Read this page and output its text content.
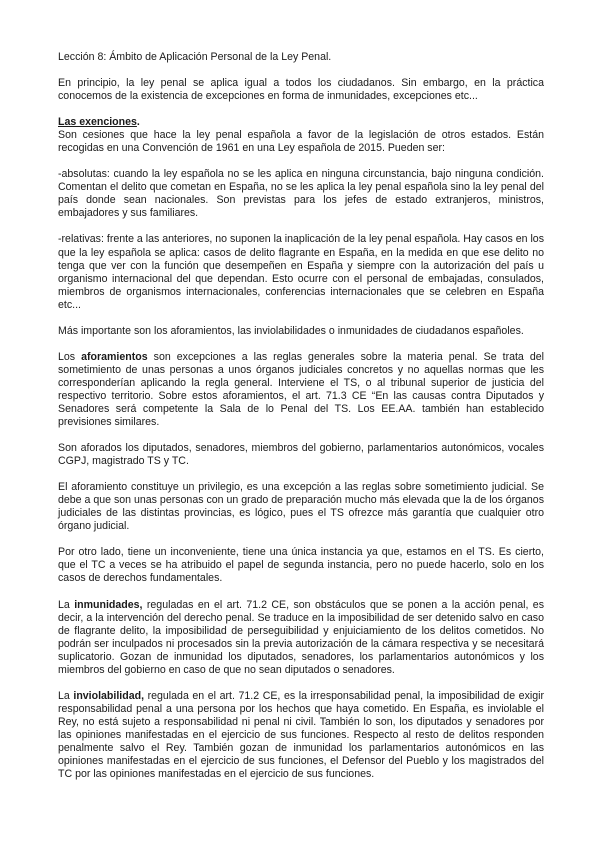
Lección 8: Ámbito de Aplicación Personal de la Ley Penal.

En principio, la ley penal se aplica igual a todos los ciudadanos. Sin embargo, en la práctica conocemos de la existencia de excepciones en forma de inmunidades, excepciones etc...

Las exenciones.
Son cesiones que hace la ley penal española a favor de la legislación de otros estados. Están recogidas en una Convención de 1961 en una Ley española de 2015. Pueden ser:

-absolutas: cuando la ley española no se les aplica en ninguna circunstancia, bajo ninguna condición. Comentan el delito que cometan en España, no se les aplica la ley penal española sino la ley penal del país donde sean nacionales. Son previstas para los jefes de estado extranjeros, ministros, embajadores y sus familiares.

-relativas: frente a las anteriores, no suponen la inaplicación de la ley penal española. Hay casos en los que la ley española se aplica: casos de delito flagrante en España, en la medida en que ese delito no tenga que ver con la función que desempeñen en España y siempre con la autorización del país u organismo internacional del que dependan. Esto ocurre con el personal de embajadas, consulados, miembros de organismos internacionales, conferencias internacionales que se celebren en España etc...

Más importante son los aforamientos, las inviolabilidades o inmunidades de ciudadanos españoles.

Los aforamientos son excepciones a las reglas generales sobre la materia penal. Se trata del sometimiento de unas personas a unos órganos judiciales concretos y no aquellas normas que les corresponderían aplicando la regla general. Interviene el TS, o al tribunal superior de justicia del respectivo territorio. Sobre estos aforamientos, el art. 71.3 CE “En las causas contra Diputados y Senadores será competente la Sala de lo Penal del TS. Los EE.AA. también han establecido previsiones similares.

Son aforados los diputados, senadores, miembros del gobierno, parlamentarios autonómicos, vocales CGPJ, magistrado TS y TC.

El aforamiento constituye un privilegio, es una excepción a las reglas sobre sometimiento judicial. Se debe a que son unas personas con un grado de preparación mucho más elevada que la de los órganos judiciales de las distintas provincias, es lógico, pues el TS ofrezce más garantía que cualquier otro órgano judicial.

Por otro lado, tiene un inconveniente, tiene una única instancia ya que, estamos en el TS. Es cierto, que el TC a veces se ha atribuido el papel de segunda instancia, pero no puede hacerlo, solo en los casos de derechos fundamentales.

La inmunidades, reguladas en el art. 71.2 CE, son obstáculos que se ponen a la acción penal, es decir, a la intervención del derecho penal. Se traduce en la imposibilidad de ser detenido salvo en caso de flagrante delito, la imposibilidad de perseguibilidad y enjuiciamiento de los delitos cometidos. No podrán ser inculpados ni procesados sin la previa autorización de la cámara respectiva y se necesitará suplicatorio. Gozan de inmunidad los diputados, senadores, los parlamentarios autonómicos y los miembros del gobierno en caso de que no sean diputados o senadores.

La inviolabilidad, regulada en el art. 71.2 CE, es la irresponsabilidad penal, la imposibilidad de exigir responsabilidad penal a una persona por los hechos que haya cometido. En España, es inviolable el Rey, no está sujeto a responsabilidad ni penal ni civil. También lo son, los diputados y senadores por las opiniones manifestadas en el ejercicio de sus funciones. Respecto al resto de delitos responden penalmente salvo el Rey. También gozan de inmunidad los parlamentarios autonómicos en las opiniones manifestadas en el ejercicio de sus funciones, el Defensor del Pueblo y los magistrados del TC por las opiniones manifestadas en el ejercicio de sus funciones.
